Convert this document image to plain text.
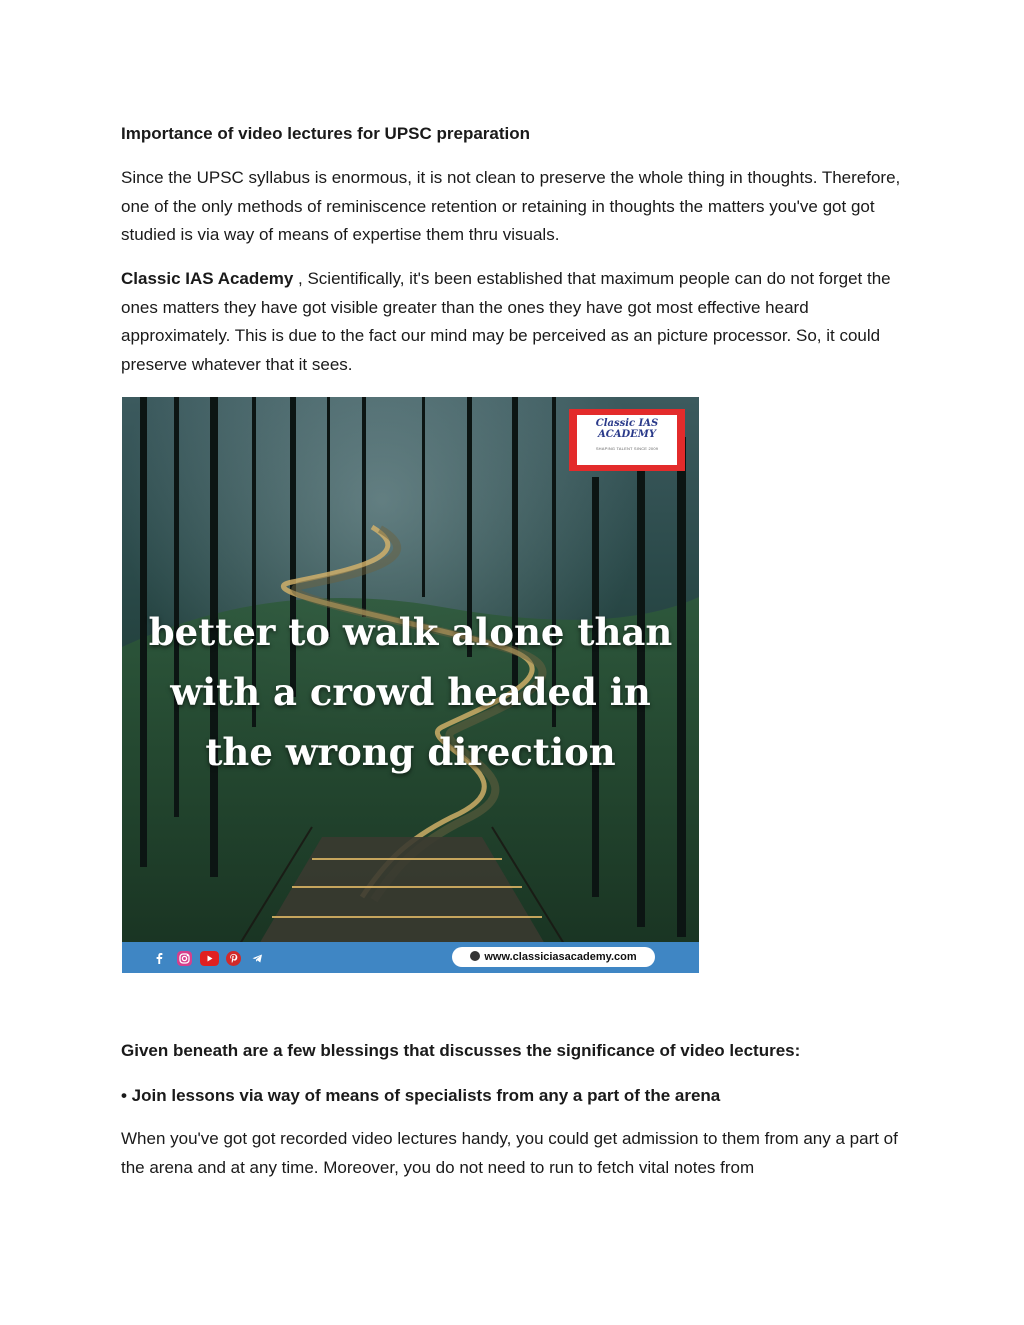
Importance of video lectures for UPSC preparation
Since the UPSC syllabus is enormous, it is not clean to preserve the whole thing in thoughts. Therefore, one of the only methods of reminiscence retention or retaining in thoughts the matters you've got got studied is via way of means of expertise them thru visuals.
Classic IAS Academy , Scientifically, it's been established that maximum people can do not forget the ones matters they have got visible greater than the ones they have got most effective heard approximately. This is due to the fact our mind may be perceived as an picture processor. So, it could preserve whatever that it sees.
Given beneath are a few blessings that discusses the significance of video lectures:
• Join lessons via way of means of specialists from any a part of the arena
When you've got got recorded video lectures handy, you could get admission to them from any a part of the arena and at any time. Moreover, you do not need to run to fetch vital notes from
Classic IAS
ACADEMY
SHAPING TALENT SINCE 2009
better to walk alone than
with a crowd headed in
the wrong direction
www.classiciasacademy.com
